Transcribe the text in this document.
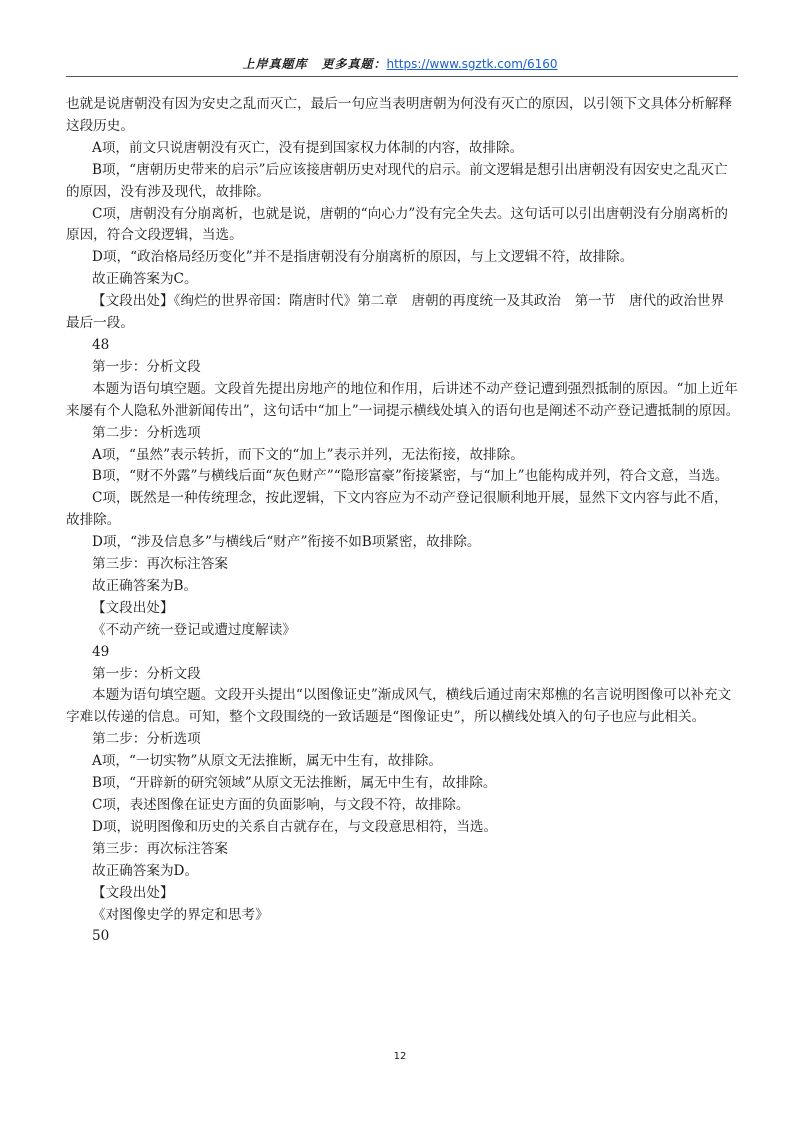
上岸真题库 更多真题：https://www.sgztk.com/6160

也就是说唐朝没有因为安史之乱而灭亡，最后一句应当表明唐朝为何没有灭亡的原因，以引领下文具体分析解释这段历史。

A项，前文只说唐朝没有灭亡，没有提到国家权力体制的内容，故排除。

B项，“唐朝历史带来的启示”后应该接唐朝历史对现代的启示。前文逻辑是想引出唐朝没有因安史之乱灭亡的原因，没有涉及现代，故排除。

C项，唐朝没有分崩离析，也就是说，唐朝的“向心力”没有完全失去。这句话可以引出唐朝没有分崩离析的原因，符合文段逻辑，当选。

D项，“政治格局经历变化”并不是指唐朝没有分崩离析的原因，与上文逻辑不符，故排除。

故正确答案为C。

【文段出处】《绚烂的世界帝国：隋唐时代》第二章　唐朝的再度统一及其政治　第一节　唐代的政治世界　最后一段。

48

第一步：分析文段

本题为语句填空题。文段首先提出房地产的地位和作用，后讲述不动产登记遭到强烈抵制的原因。“加上近年来屡有个人隐私外泄新闻传出”，这句话中“加上”一词提示横线处填入的语句也是阐述不动产登记遭抵制的原因。

第二步：分析选项

A项，“虽然”表示转折，而下文的“加上”表示并列，无法衔接，故排除。

B项，“财不外露”与横线后面“灰色财产”“隐形富豪”衔接紧密，与“加上”也能构成并列，符合文意，当选。

C项，既然是一种传统理念，按此逻辑，下文内容应为不动产登记很顺利地开展，显然下文内容与此不盾，故排除。

D项，“涉及信息多”与横线后“财产”衔接不如B项紧密，故排除。

第三步：再次标注答案

故正确答案为B。

【文段出处】

《不动产统一登记或遭过度解读》

49

第一步：分析文段

本题为语句填空题。文段开头提出“以图像证史”渐成风气，横线后通过南宋郑樵的名言说明图像可以补充文字难以传递的信息。可知，整个文段围绕的一致话题是“图像证史”，所以横线处填入的句子也应与此相关。

第二步：分析选项

A项，“一切实物”从原文无法推断，属无中生有，故排除。

B项，“开辟新的研究领域”从原文无法推断，属无中生有，故排除。

C项，表述图像在证史方面的负面影响，与文段不符，故排除。

D项，说明图像和历史的关系自古就存在，与文段意思相符，当选。

第三步：再次标注答案

故正确答案为D。

【文段出处】

《对图像史学的界定和思考》

50

12
